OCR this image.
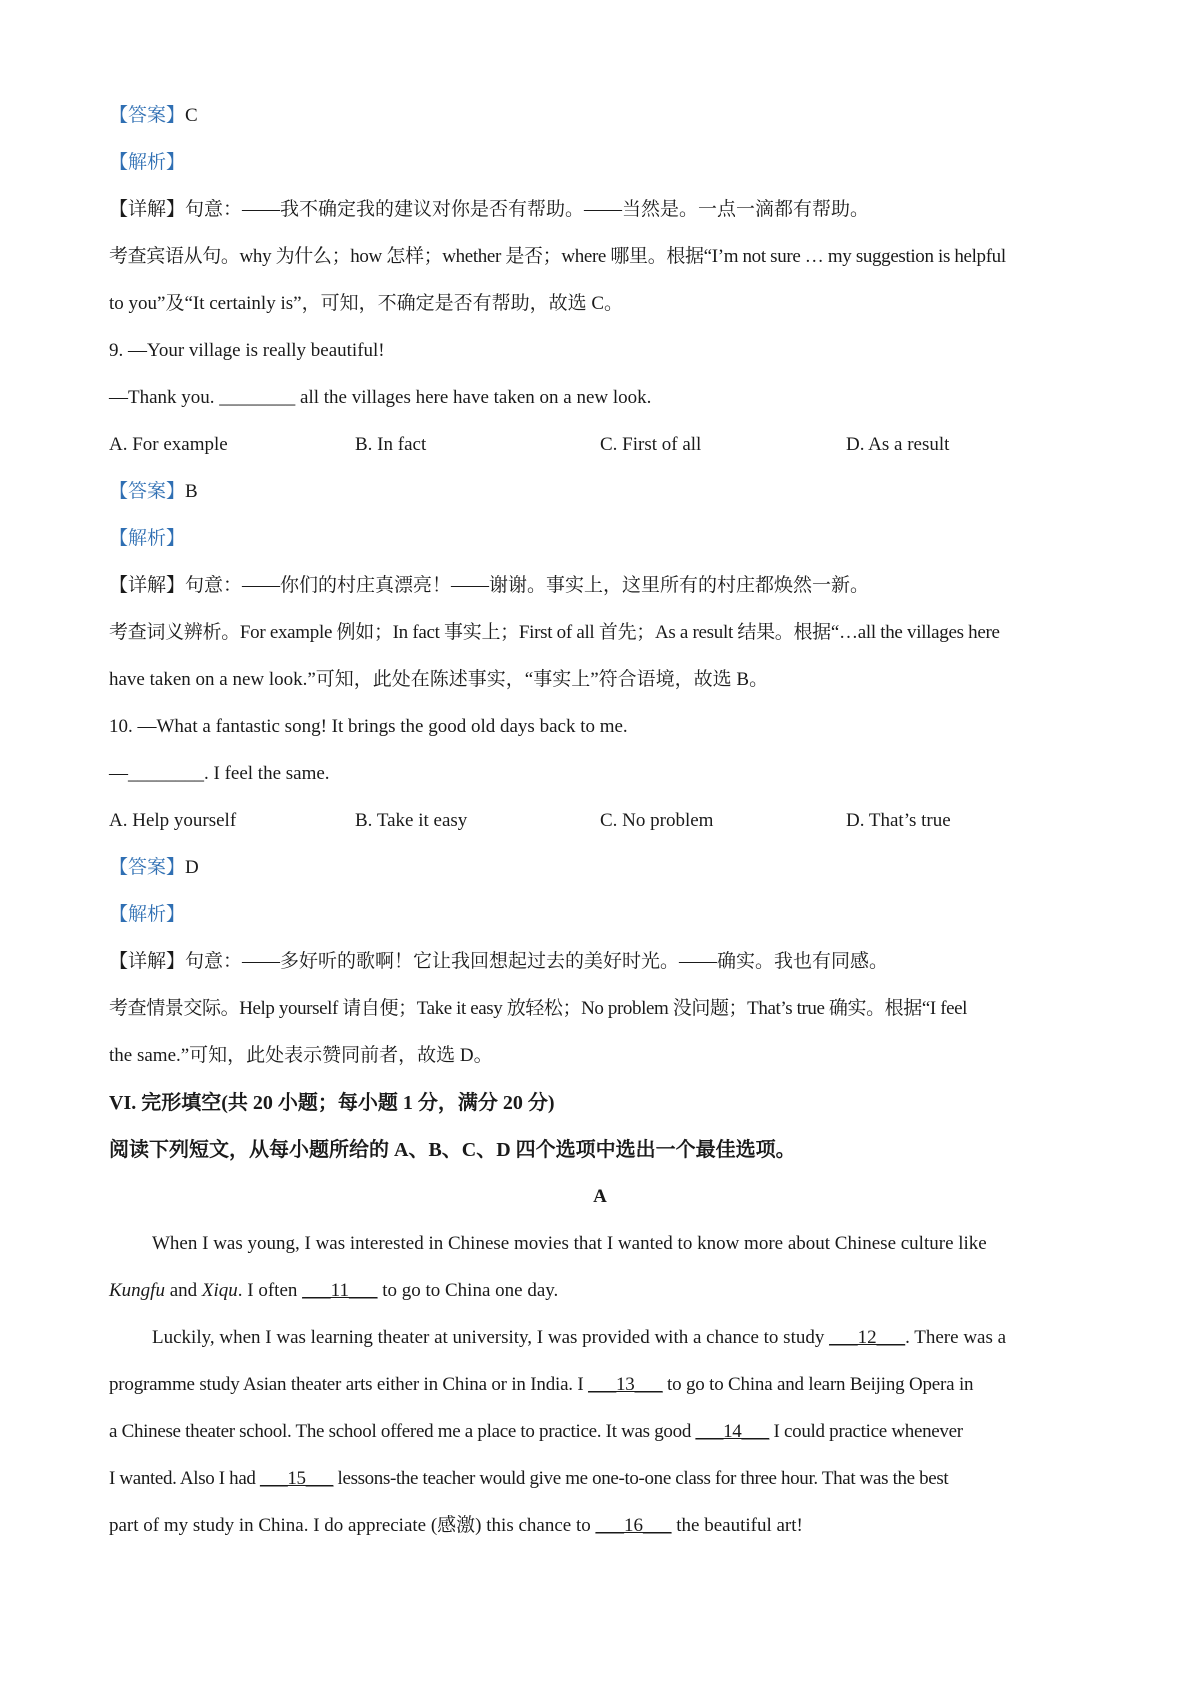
【答案】C
【解析】
【详解】句意：——我不确定我的建议对你是否有帮助。——当然是。一点一滴都有帮助。
考查宾语从句。why 为什么；how 怎样；whether 是否；where 哪里。根据“I’m not sure … my suggestion is helpful
to you”及“It certainly is”，可知，不确定是否有帮助，故选 C。
9. —Your village is really beautiful!
—Thank you. ________ all the villages here have taken on a new look.
A. For example	B. In fact	C. First of all	D. As a result
【答案】B
【解析】
【详解】句意：——你们的村庄真漂亮！——谢谢。事实上，这里所有的村庄都焕然一新。
考查词义辨析。For example 例如；In fact 事实上；First of all 首先；As a result 结果。根据“…all the villages here
have taken on a new look.”可知，此处在陈述事实，“事实上”符合语境，故选 B。
10. —What a fantastic song! It brings the good old days back to me.
—________. I feel the same.
A. Help yourself	B. Take it easy	C. No problem	D. That’s true
【答案】D
【解析】
【详解】句意：——多好听的歌啊！它让我回想起过去的美好时光。——确实。我也有同感。
考查情景交际。Help yourself 请自便；Take it easy 放轻松；No problem 没问题；That’s true 确实。根据“I feel
the same.”可知，此处表示赞同前者，故选 D。
VI. 完形填空(共 20 小题；每小题 1 分，满分 20 分)
阅读下列短文，从每小题所给的 A、B、C、D 四个选项中选出一个最佳选项。
A
When I was young, I was interested in Chinese movies that I wanted to know more about Chinese culture like
Kungfu and Xiqu. I often ___11___ to go to China one day.
Luckily, when I was learning theater at university, I was provided with a chance to study ___12___. There was a
programme study Asian theater arts either in China or in India. I ___13___ to go to China and learn Beijing Opera in
a Chinese theater school. The school offered me a place to practice. It was good ___14___ I could practice whenever
I wanted. Also I had ___15___ lessons-the teacher would give me one-to-one class for three hour. That was the best
part of my study in China. I do appreciate (感激) this chance to ___16___ the beautiful art!
